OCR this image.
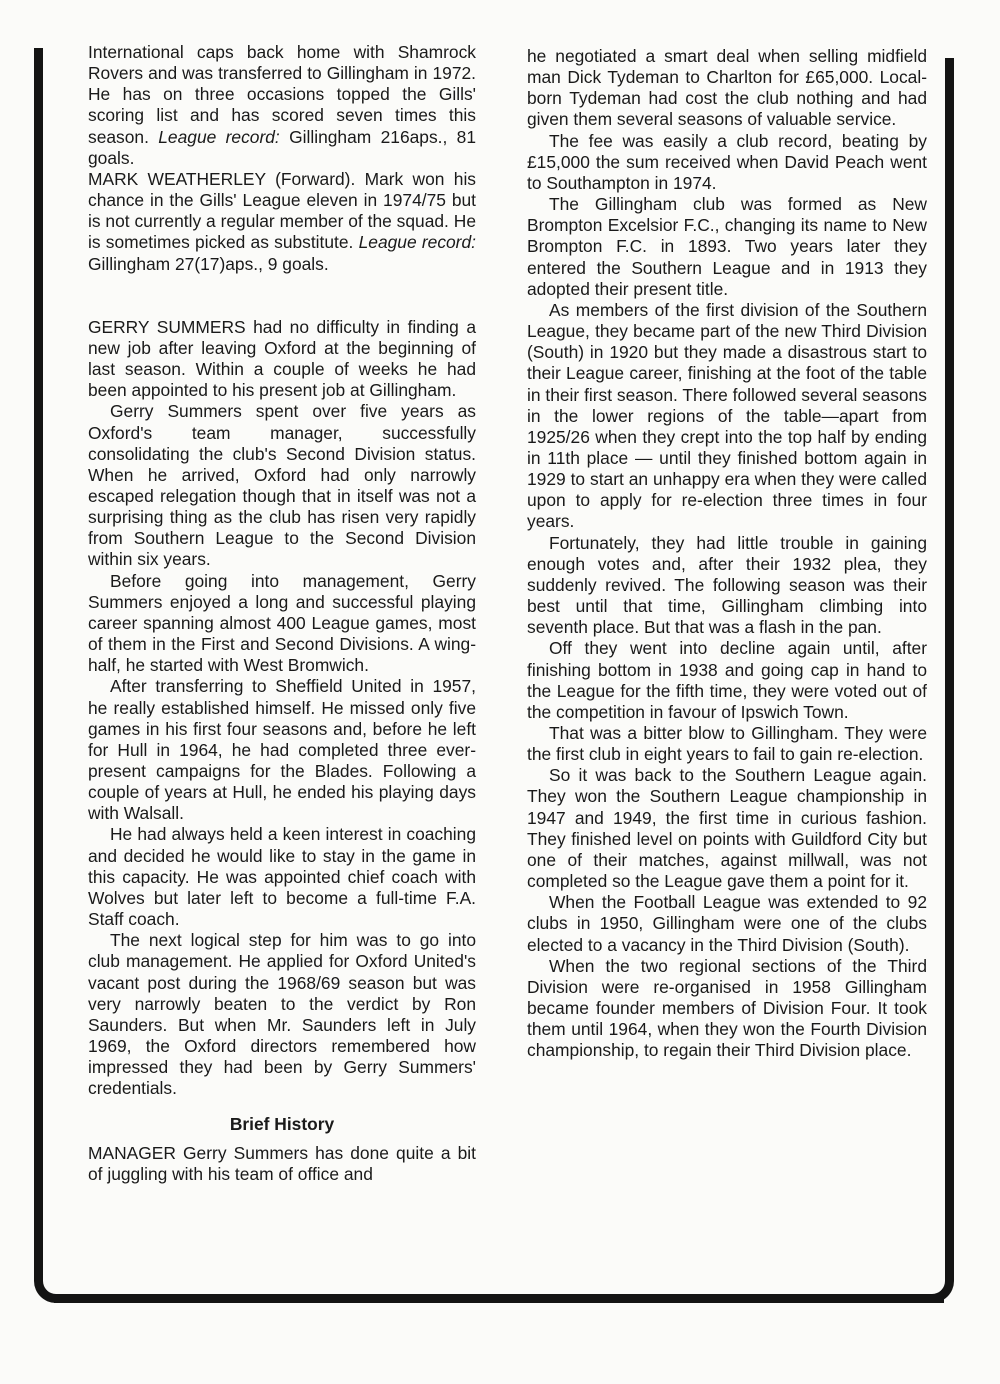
International caps back home with Shamrock Rovers and was transferred to Gillingham in 1972. He has on three occasions topped the Gills' scoring list and has scored seven times this season. League record: Gillingham 216aps., 81 goals.

MARK WEATHERLEY (Forward). Mark won his chance in the Gills' League eleven in 1974/75 but is not currently a regular member of the squad. He is sometimes picked as substitute. League record: Gillingham 27(17)aps., 9 goals.

GERRY SUMMERS had no difficulty in finding a new job after leaving Oxford at the beginning of last season. Within a couple of weeks he had been appointed to his present job at Gillingham.

Gerry Summers spent over five years as Oxford's team manager, successfully consolidating the club's Second Division status. When he arrived, Oxford had only narrowly escaped relegation though that in itself was not a surprising thing as the club has risen very rapidly from Southern League to the Second Division within six years.

Before going into management, Gerry Summers enjoyed a long and successful playing career spanning almost 400 League games, most of them in the First and Second Divisions. A wing-half, he started with West Bromwich.

After transferring to Sheffield United in 1957, he really established himself. He missed only five games in his first four seasons and, before he left for Hull in 1964, he had completed three ever-present campaigns for the Blades. Following a couple of years at Hull, he ended his playing days with Walsall.

He had always held a keen interest in coaching and decided he would like to stay in the game in this capacity. He was appointed chief coach with Wolves but later left to become a full-time F.A. Staff coach.

The next logical step for him was to go into club management. He applied for Oxford United's vacant post during the 1968/69 season but was very narrowly beaten to the verdict by Ron Saunders. But when Mr. Saunders left in July 1969, the Oxford directors remembered how impressed they had been by Gerry Summers' credentials.

Brief History

MANAGER Gerry Summers has done quite a bit of juggling with his team of office and

he negotiated a smart deal when selling midfield man Dick Tydeman to Charlton for £65,000. Local-born Tydeman had cost the club nothing and had given them several seasons of valuable service.

The fee was easily a club record, beating by £15,000 the sum received when David Peach went to Southampton in 1974.

The Gillingham club was formed as New Brompton Excelsior F.C., changing its name to New Brompton F.C. in 1893. Two years later they entered the Southern League and in 1913 they adopted their present title.

As members of the first division of the Southern League, they became part of the new Third Division (South) in 1920 but they made a disastrous start to their League career, finishing at the foot of the table in their first season. There followed several seasons in the lower regions of the table—apart from 1925/26 when they crept into the top half by ending in 11th place — until they finished bottom again in 1929 to start an unhappy era when they were called upon to apply for re-election three times in four years.

Fortunately, they had little trouble in gaining enough votes and, after their 1932 plea, they suddenly revived. The following season was their best until that time, Gillingham climbing into seventh place. But that was a flash in the pan.

Off they went into decline again until, after finishing bottom in 1938 and going cap in hand to the League for the fifth time, they were voted out of the competition in favour of Ipswich Town.

That was a bitter blow to Gillingham. They were the first club in eight years to fail to gain re-election.

So it was back to the Southern League again. They won the Southern League championship in 1947 and 1949, the first time in curious fashion. They finished level on points with Guildford City but one of their matches, against millwall, was not completed so the League gave them a point for it.

When the Football League was extended to 92 clubs in 1950, Gillingham were one of the clubs elected to a vacancy in the Third Division (South).

When the two regional sections of the Third Division were re-organised in 1958 Gillingham became founder members of Division Four. It took them until 1964, when they won the Fourth Division championship, to regain their Third Division place.
